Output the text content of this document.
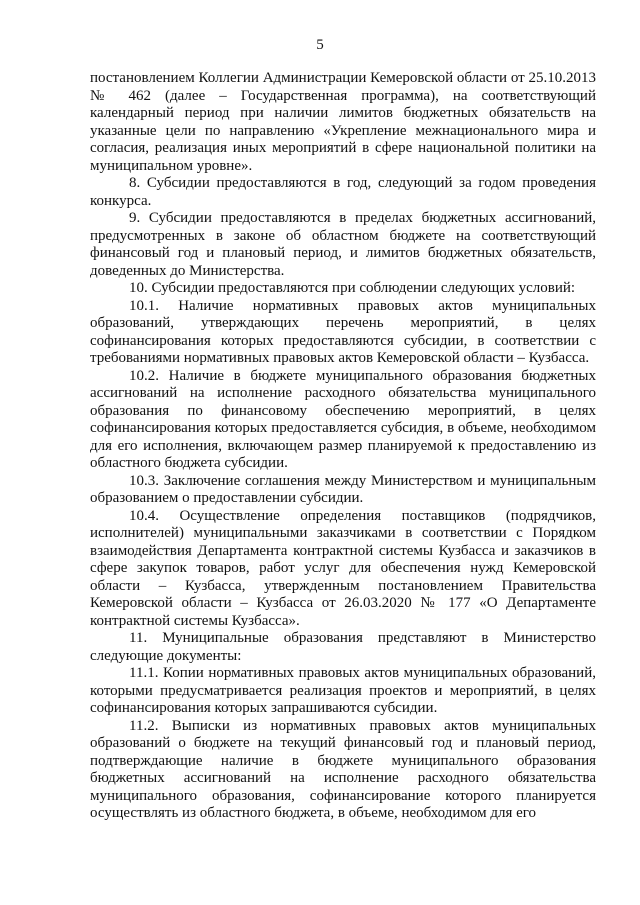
5

постановлением Коллегии Администрации Кемеровской области от 25.10.2013 № 462 (далее – Государственная программа), на соответствующий календарный период при наличии лимитов бюджетных обязательств на указанные цели по направлению «Укрепление межнационального мира и согласия, реализация иных мероприятий в сфере национальной политики на муниципальном уровне».

8. Субсидии предоставляются в год, следующий за годом проведения конкурса.

9. Субсидии предоставляются в пределах бюджетных ассигнований, предусмотренных в законе об областном бюджете на соответствующий финансовый год и плановый период, и лимитов бюджетных обязательств, доведенных до Министерства.

10. Субсидии предоставляются при соблюдении следующих условий:

10.1. Наличие нормативных правовых актов муниципальных образований, утверждающих перечень мероприятий, в целях софинансирования которых предоставляются субсидии, в соответствии с требованиями нормативных правовых актов Кемеровской области – Кузбасса.

10.2. Наличие в бюджете муниципального образования бюджетных ассигнований на исполнение расходного обязательства муниципального образования по финансовому обеспечению мероприятий, в целях софинансирования которых предоставляется субсидия, в объеме, необходимом для его исполнения, включающем размер планируемой к предоставлению из областного бюджета субсидии.

10.3. Заключение соглашения между Министерством и муниципальным образованием о предоставлении субсидии.

10.4. Осуществление определения поставщиков (подрядчиков, исполнителей) муниципальными заказчиками в соответствии с Порядком взаимодействия Департамента контрактной системы Кузбасса и заказчиков в сфере закупок товаров, работ услуг для обеспечения нужд Кемеровской области – Кузбасса, утвержденным постановлением Правительства Кемеровской области – Кузбасса от 26.03.2020 № 177 «О Департаменте контрактной системы Кузбасса».

11. Муниципальные образования представляют в Министерство следующие документы:

11.1. Копии нормативных правовых актов муниципальных образований, которыми предусматривается реализация проектов и мероприятий, в целях софинансирования которых запрашиваются субсидии.

11.2. Выписки из нормативных правовых актов муниципальных образований о бюджете на текущий финансовый год и плановый период, подтверждающие наличие в бюджете муниципального образования бюджетных ассигнований на исполнение расходного обязательства муниципального образования, софинансирование которого планируется осуществлять из областного бюджета, в объеме, необходимом для его
